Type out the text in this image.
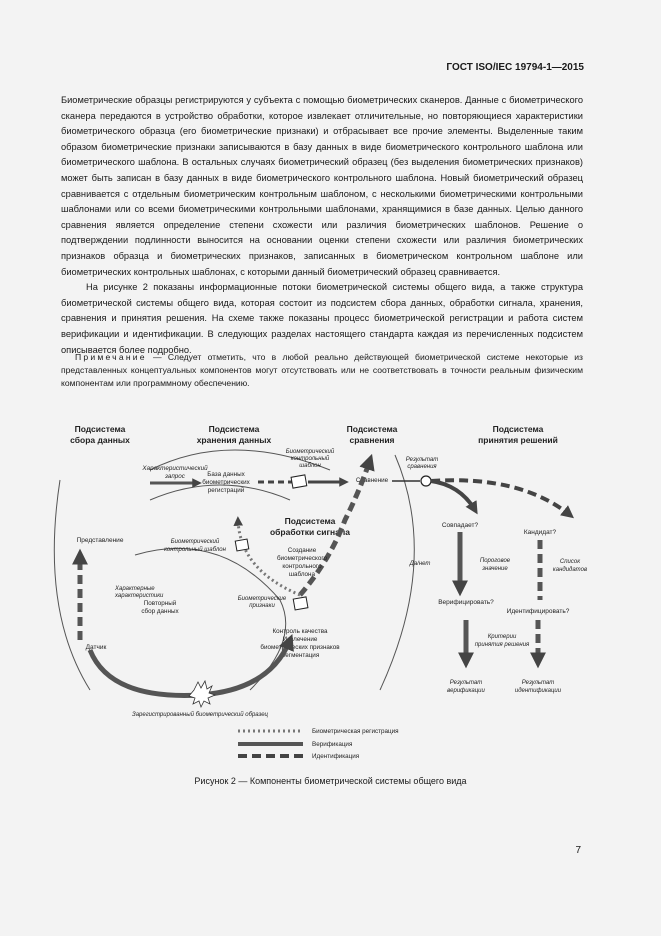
ГОСТ ISO/IEC 19794-1—2015

Биометрические образцы регистрируются у субъекта с помощью биометрических сканеров. Данные с биометрического сканера передаются в устройство обработки, которое извлекает отличительные, но повторяющиеся характеристики биометрического образца (его биометрические признаки) и отбрасывает все прочие элементы. Выделенные таким образом биометрические признаки записываются в базу данных в виде биометрического контрольного шаблона или биометрического шаблона. В остальных случаях биометрический образец (без выделения биометрических признаков) может быть записан в базу данных в виде биометрического контрольного шаблона. Новый биометрический образец сравнивается с отдельным биометрическим контрольным шаблоном, с несколькими биометрическими контрольными шаблонами или со всеми биометрическими контрольными шаблонами, хранящимися в базе данных. Целью данного сравнения является определение степени схожести или различия биометрических шаблонов. Решение о подтверждении подлинности выносится на основании оценки степени схожести или различия биометрических признаков образца и биометрических признаков, записанных в биометрическом контрольном шаблоне или биометрических контрольных шаблонах, с которыми данный биометрический образец сравнивается.

На рисунке 2 показаны информационные потоки биометрической системы общего вида, а также структура биометрической системы общего вида, которая состоит из подсистем сбора данных, обработки сигнала, хранения, сравнения и принятия решения. На схеме также показаны процесс биометрической регистрации и работа систем верификации и идентификации. В следующих разделах настоящего стандарта каждая из перечисленных подсистем описывается более подробно.

Примечание — Следует отметить, что в любой реально действующей биометрической системе некоторые из представленных концептуальных компонентов могут отсутствовать или не соответствовать в точности реальным физическим компонентам или программному обеспечению.
Подсистема
сбора данных
Подсистема
хранения данных
Подсистема
сравнения
Подсистема
принятия решений
Подсистема
обработки сигнала
Характеристический
запрос	База данных
биометрических
регистраций
Биометрический
контрольный
шаблон
Сравнение
Результат
сравнения
Совпадает?
Кандидат?
Да/нет	Пороговое
значение
Список
кандидатов
Верифицировать?
Идентифицировать?
Критерии
принятия решения
Результат
верификации
Результат
идентификации
Представление
Характерные
характеристики
Повторный
сбор данных
Датчик
Биометрический
контрольный шаблон	Создание
биометрического
контрольного
шаблона
Биометрические
признаки
Контроль качества
Извлечение
биометрических признаков
Сегментация
Зарегистрированный биометрический образец
Биометрическая регистрация
Верификация
Идентификация
Рисунок 2 — Компоненты биометрической системы общего вида
7
